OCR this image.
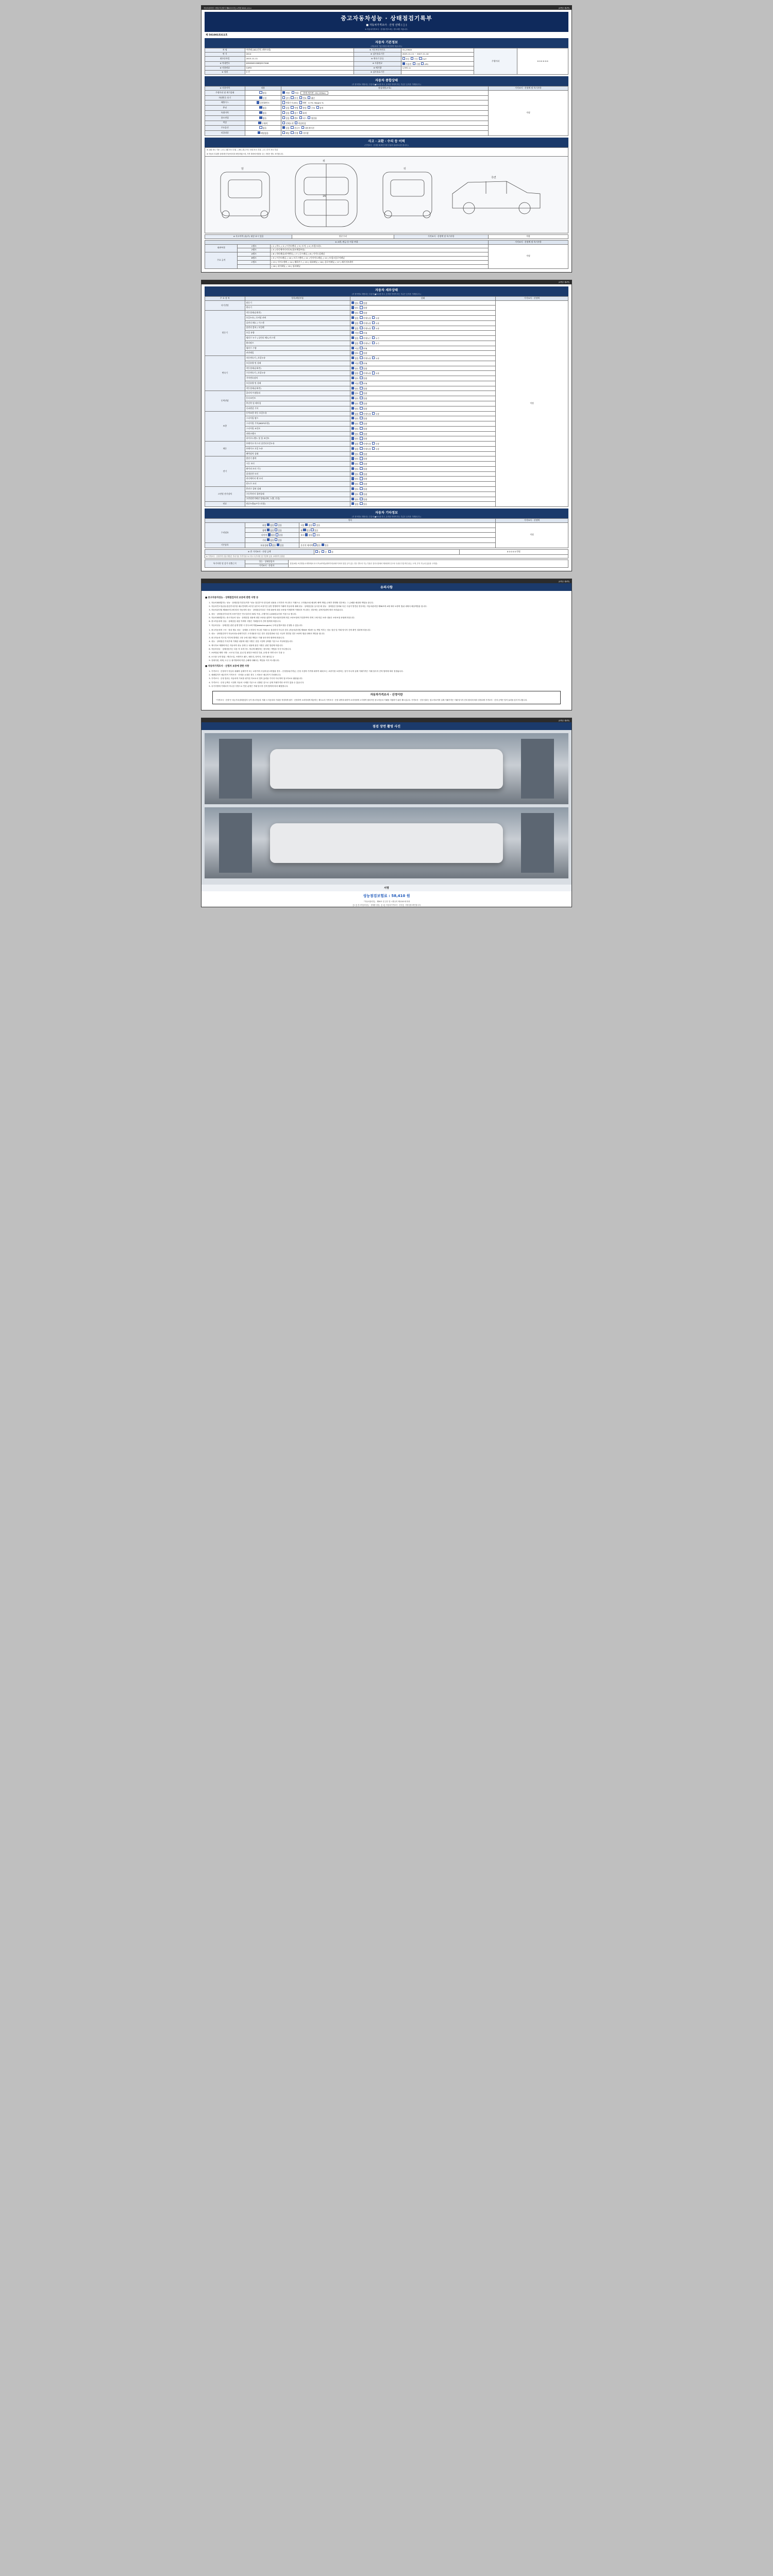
자동차관리법 시행규칙 [별지 제82호서식] <개정 2021.1.5.>	(3쪽중 제1쪽)
중고자동차성능 · 상태점검기록부
■ 자동차가격조사 · 산정 선택 ( □ )
※ 자동차가격조사 · 산정을 받으려는 경우에만 적습니다.
제 5010015311호
자동차 기본정보
(자동차의 기본사항을 확인하여 적습니다.)
차 명	아반떼 (AD)신형 (세부모델)	※ 자동차등록번호	31,23905	주행거리	0 0 0 0 0 0
연 식	2014	※ 검사유효기간	2025-11-11 ~ 2027-11-10		
최초등록일	2015-11-11	※ 변속기 종류	자동 수동 CVT		
※ 차대번호	KMHD651DBEJD27006	※ 사용연료	가솔린 디젤 LPG		
※ 사용연료	G4FD	※ 배기량	1,591 cc		
※ 정원	5 인	※ 검사유효기간			
자동차 종합상태
(각 항목별로 해당되는 부분에 ■표시를 하고, 숫자를 적어야 하는 부분은 숫자를 기재합니다.)
※ 사용이력	내용	점검내용(✔표)	가격조사 · 산정액 및 특기사항
주행거리 및 계기상태	많음	적정 적음 현재 계기판 : 81,159km	적정
차대번호 표기	동일	상이 부식 변조 훼손	
배출가스	일산화탄소	탄화수소(HC) 매연 0.7% 30ppm %	
튜닝	없음	있음 적법 불법 구조 장치	
특별이력	없음	있음 침수 화재	
용도변경	없음	있음 렌트 리스 영업용	
색상	무채색	전체도색 색상변경	
주요옵션	없음	있음 선루프 내비게이션	
리콜대상	해당없음	해당 이행 미이행	
사고 · 교환 · 수리 등 이력
(가격조사 · 산정한 때 확인사항 부위의 위치표시를 합니다.)
※ 교환 표시 기준 : ( X ) 교환 표시 부위 , ( W ) 판금 또는 용접 표시 부위 , ( C ) 부식 표시 부위
※ 자동차 부위별 상세 확인기준에 따라 확인하였으며, 가격 하락에 영향을 주는 사항은 별도 표기합니다.
앞
위
뒤
측면
16
※ 사고이력 (유/무) 대상 표시 있음	단순수리	가격조사 · 산정액 및 특기사항	적정
※ 교환, 판금 등 이상 부위			가격조사 · 산정액 및 특기사항
외판부위	1랭크	( 1 ) 후드, ( 2 ) 프론트펜더, ( 3 ) 도어, ( 4 ) 트렁크리드	적정
	2랭크	( 5 ) 라디에이터서포트(볼트체결부품)	
주요 골격	A랭크	( 6 ) 쿼터패널(리어펜더), ( 7 ) 루프패널, ( 8 ) 사이드실패널	
	B랭크	( 9 ) 프론트패널, ( 10 ) 크로스멤버, ( 11 ) 인사이드패널, ( 12 ) 트렁크플로어패널	
	C랭크	( 13 ) 사이드멤버, ( 14 ) 휠하우스, ( 15 ) 대쉬패널, ( 16 ) 플로어패널, ( 17 ) 패키지트레이	
		( 18 ) 리어패널, ( 19 ) 필러패널	

(3쪽중 제2쪽)
자동차 세부상태
(각 항목별로 해당되는 부분에 ■표시를 하고, 숫자를 적어야 하는 부분은 숫자를 기재합니다.)
주 요 장 치	항목/해당부품	상태	가격조사 · 산정액
자기진단	원동기	양호  불량	적정
	변속기	양호  불량	
원동기	작동상태(공회전)	양호  불량	
	오일누유 | 로커암 커버	없음  미세누유  누유	
	실린더 헤드 / 가스켓	없음  미세누유  누유	
	실린더 블록 / 오일팬	없음  미세누유  누유	
	오일 유량	적정  부족	
	냉각수 누수 | 실린더 헤드/가스켓	없음  미세누수  누수	
	워터펌프	없음  미세누수  누수	
	냉각수 수량	적정  부족	
	커먼레일	양호  불량	
변속기	자동변속기 | 오일누유	없음  미세누유  누유	
	오일유량 및 상태	적정  부족	
	작동상태(공회전)	양호  불량	
	수동변속기 | 오일누유	없음  미세누유  누유	
	기어변속장치	양호  불량	
	오일유량 및 상태	적정  부족	
	작동상태(공회전)	양호  불량	
동력전달	클러치 어셈블리	양호  불량	
	등속조인트	양호  불량	
	추진축 및 베어링	양호  불량	
	디퍼렌셜 기어	양호  불량	
조향	동력조향 작동 오일누유	없음  미세누유  누유	
	스티어링 펌프	양호  불량	
	스티어링 기어(MDPS포함)	양호  불량	
	스티어링 조인트	양호  불량	
	파워크랭크	양호  불량	
	타이로드엔드 및 볼 조인트	양호  불량	
제동	브레이크 마스터 실린더오일누유	없음  미세누유  누유	
	브레이크 오일 누유	없음  미세누유  누유	
	배력장치 상태	양호  불량	
전기	발전기 출력	양호  불량	
	시동 모터	양호  불량	
	와이퍼 모터 기능	양호  불량	
	실내송풍 모터	양호  불량	
	라디에이터 팬 모터	양호  불량	
	윈도우 모터	양호  불량	
고전원 전기장치	충전구 절연 상태	양호  불량	
	구동축전지 절연상태	양호  불량	
	고전원전기배선 상태(피복, 노출, 손상)	양호  불량	
연료	연료누출(LP가스포함)	없음  있음	
자동차 기타정보
(각 항목별로 해당되는 부분에 ■표시를 하고, 숫자를 적어야 하는 부분은 숫자를 기재합니다.)
항목			가격조사 · 산정액
수리필요	외장 없음 있음	내장 없음 있음	적정
	광택 없음 있음	휠 없음 있음	
	타이어 없음 있음	유리 없음 있음	
	기타 없음 있음		
기본품목	보유상태 없음 있음	운전석 에어백 없음 있음	
※ 총 가격조사 · 산정 금액	상 중 하	0 0 0 0 0 만원
※ 가격조사 · 산정가격 산출 방법은 부록기준 가격기준으로 하고 특기사항 및 가감액 등을 고려하여 산출함
특기사항 및 감가 산출근거	성능 · 상태점검자	점검(4대) 보증범위:시세하락(5.12 175,437원)/장비이력(차량 이외의 점검 등이 있는 경우 별도의 기능 부품은 검사나열에서 제외되며 중고차 특성상 부분적인 판금, 도색, 부식 가능성 있음을 고지함)
가격조사 · 산정자

(3쪽중 제3쪽)
유의사항
■ 중고자동차성능 · 상태점검자의 보증에 관한 사항 등
1. 자동차매매업자는 성능 · 상태점검기록부(이하 "성능 점검부"라 한다)의 내용을 고지하지 아니하고 거래으로 고지할(조회 배상의 배액 책임) 규제가 발생할 경우에는 그 손해를 배상할 책임을 집니다.
2. 자동차인도일(성능점검기록부를 매수인에게 교부한 날부터 보장기간 동안 발생하여 이래의 자동차에 대해 성능 · 상태점검을 실시한 때 성능 · 상태점검 결과와 다른 사실이 발견된 경우에는 자동차관리법 제58조의 4에 따라 보증의 범위 내에서 배상책임을 집니다.
3. 자동차관리법 제58조의 2에 따라 자동차의 성능 · 상태점검기록부 기재 내용에 대한 보증을 이행하며 이행되지 아니하는 경우에는 관계 법령에 따라 처리됩니다.
4. 성능 · 상태점검기록부의 보증기간은 인도일부터 30일 이상, 주행거리 2,000킬로미터 이상으로 합니다.
5. 자동차매매업자는 중고자동차 성능 · 상태점검 내용에 대한 보증을 위하여 자동차관리법에 따른 보증보험에 가입하여야 하며 그에 따른 보증 내용은 보증보험 증권에 따릅니다.
6. 중고자동차의 성능 · 상태점검 내용 이외의 사항은 거래당사자 간의 합의에 따릅니다.
7. 자동차성능 · 상태점검 관련 분쟁 발생 시 한국소비자원(www.kca.go.kr) 등에 분쟁조정을 신청할 수 있습니다.
1. 중고자동차의 구조 · 장치 별로 성능 · 상태를 고지하지 아니한 거래으로 점검하지 아니한 경우 (자동차관리법 제58조 제1항 등) 책임 여부는 성능 점검 및 거래 당사자 간의 확인 결과에 따릅니다.
2. 성능 · 상태점검자가 자동차성능상태기록부 고지내용과 다른 경우 점검결과와 다른 사실이 발견된 경우 보증의 범위 내에서 책임을 집니다.
3. 중고자동차 인도일 이후에 발생한 고장 등에 대한 책임은 거래 당사자의 합의에 따릅니다.
4. 성능 · 상태점검 기록부에 기재된 내용에 대한 사항은 점검 시점의 상태를 기준으로 작성되었습니다.
5. 제시자료 제출에 따른 자동차의 성능 상태 등 내용에 관한 사항은 관련 법령에 따릅니다.
6. 자동차성능 · 상태점검자는 다음 각 호의 어느 하나에 해당하는 경우에는 책임을 지지 아니합니다.
7. 보증범위 제외 사항 : 소모성 부품, 튜닝 및 불법구조변경 부품, 운행 중 자연 마모 부품 등
8. 소모품 등의 범위 : 엔진오일, 브레이크 패드, 배터리, 타이어, 각종 필터류 등
9. 천재지변, 화재, 도난 등 불가항력에 의한 손해에 대해서는 책임을 지지 아니합니다.
■ 자동차가격조사 · 산정자 보증에 관한 사항
1. 가격조사 · 산정자가 자동차 매매의 실제가격 또는 보증가의 사실에 관고하였을 경우 - 산정결과(가격)는 산정 시점의 가격에 대하여 매매 또는 보증가를 보증하는 것이 아니며 실제 거래가격은 거래 당사자 간의 합의에 따라 결정됩니다.
2. 매매업자가 매수인이 가격조사 · 산정을 요청한 경우 그 비용은 매수인이 부담합니다.
3. 가격조사 · 산정 결과는 자동차의 가치를 평가한 자료로서 법적 효력을 가지지 아니하며 참고자료로 활용됩니다.
4. 가격조사 · 산정 금액은 시점의 자동차 시세를 기준으로 산출한 것으로 실제 거래가격과 차이가 있을 수 있습니다.
5. 특기사항에 기재되지 아니한 사항으로 인한 분쟁은 거래 당사자 간의 합의에 따라 해결합니다.
자동차가격조사 · 산정이란
"가격조사 · 산정"은 성능기록상태점검자 등이 중고자동차 거래 시 자동차의 가치를 적정하게 평가 · 산정하여 소비자에게 제공하는 제도로서 가격조사 · 산정 내역에 대하여 소비자에게 고지하여 합리적인 중고자동차 거래를 지원하기 위한 제도입니다. 가격조사 · 산정 결과는 참고자료이며 실제 거래가격은 거래 당사자 간의 합의에 따라 결정되며 가격조사 · 산정 금액은 법적 효력을 갖지 아니합니다.

(3쪽중 제3쪽)
점검 장면 촬영 사진
서명
성능점검보험료 : 58,410 원
『자동차관리법』 제58조 및 같은 법 시행규칙 제120조에 따라
【 1 】중고자동차성능 · 상태를 점검, 【 2 】자동차가격조사 · 산정 】 사항임을 확인합니다.
